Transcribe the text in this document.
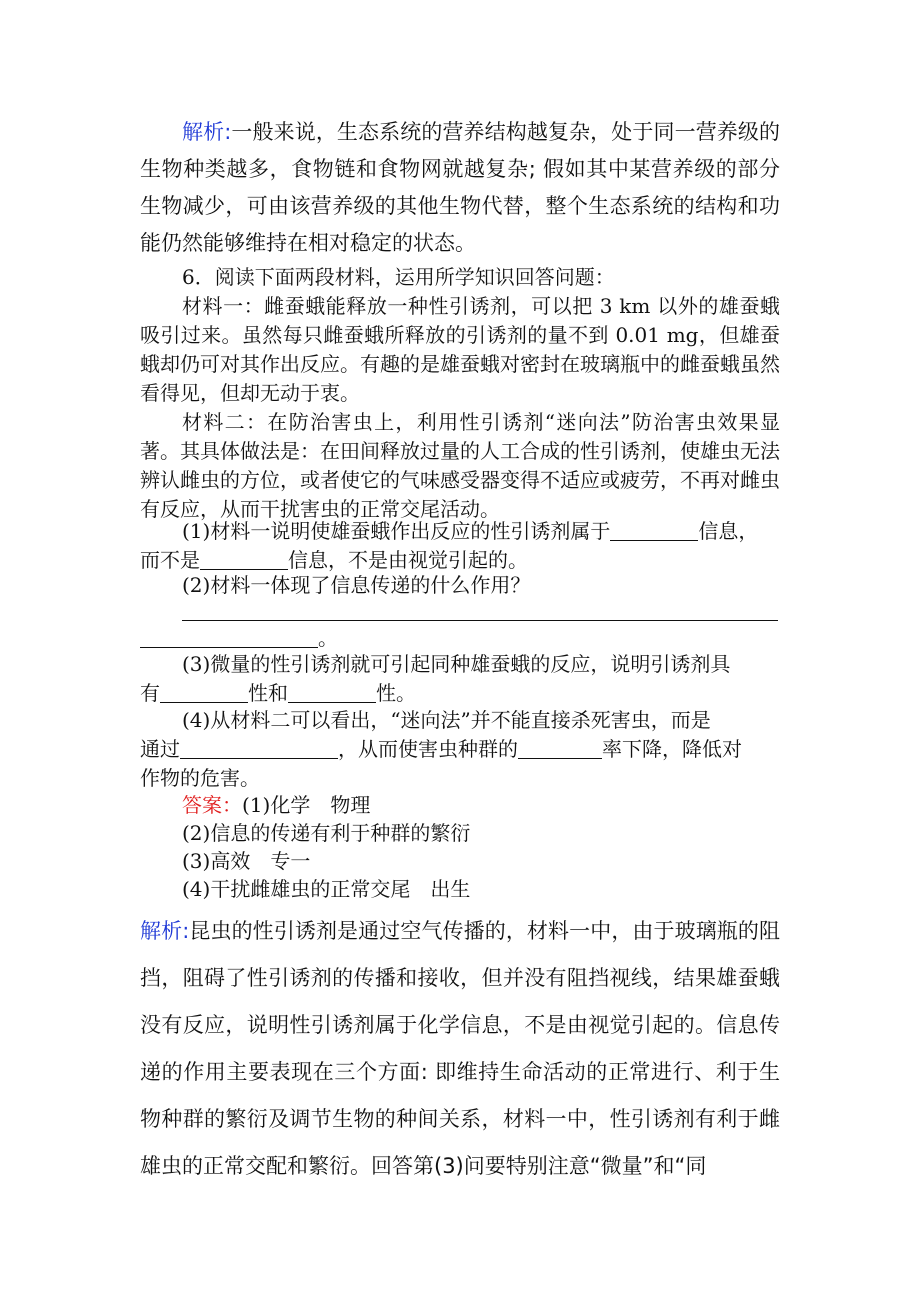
解析:一般来说，生态系统的营养结构越复杂，处于同一营养级的生物种类越多，食物链和食物网就越复杂; 假如其中某营养级的部分生物减少，可由该营养级的其他生物代替，整个生态系统的结构和功能仍然能够维持在相对稳定的状态。

6．阅读下面两段材料，运用所学知识回答问题：

材料一：雌蚕蛾能释放一种性引诱剂，可以把 3 km 以外的雄蚕蛾吸引过来。虽然每只雌蚕蛾所释放的引诱剂的量不到 0.01 mg，但雄蚕蛾却仍可对其作出反应。有趣的是雄蚕蛾对密封在玻璃瓶中的雌蚕蛾虽然看得见，但却无动于衷。

材料二：在防治害虫上，利用性引诱剂“迷向法”防治害虫效果显著。其具体做法是：在田间释放过量的人工合成的性引诱剂，使雄虫无法辨认雌虫的方位，或者使它的气味感受器变得不适应或疲劳，不再对雌虫有反应，从而干扰害虫的正常交尾活动。

(1)材料一说明使雄蚕蛾作出反应的性引诱剂属于	信息，
而不是	信息，不是由视觉引起的。

(2)材料一体现了信息传递的什么作用？

。

(3)微量的性引诱剂就可引起同种雄蚕蛾的反应，说明引诱剂具
有	性和	性。

(4)从材料二可以看出，“迷向法”并不能直接杀死害虫，而是
通过	，从而使害虫种群的	率下降，降低对
作物的危害。

答案：(1)化学　物理
(2)信息的传递有利于种群的繁衍
(3)高效　专一
(4)干扰雌雄虫的正常交尾　出生

解析:昆虫的性引诱剂是通过空气传播的，材料一中，由于玻璃瓶的阻挡，阻碍了性引诱剂的传播和接收，但并没有阻挡视线，结果雄蚕蛾没有反应，说明性引诱剂属于化学信息，不是由视觉引起的。信息传递的作用主要表现在三个方面: 即维持生命活动的正常进行、利于生物种群的繁衍及调节生物的种间关系，材料一中，性引诱剂有利于雌雄虫的正常交配和繁衍。回答第(3)问要特别注意“微量”和“同
